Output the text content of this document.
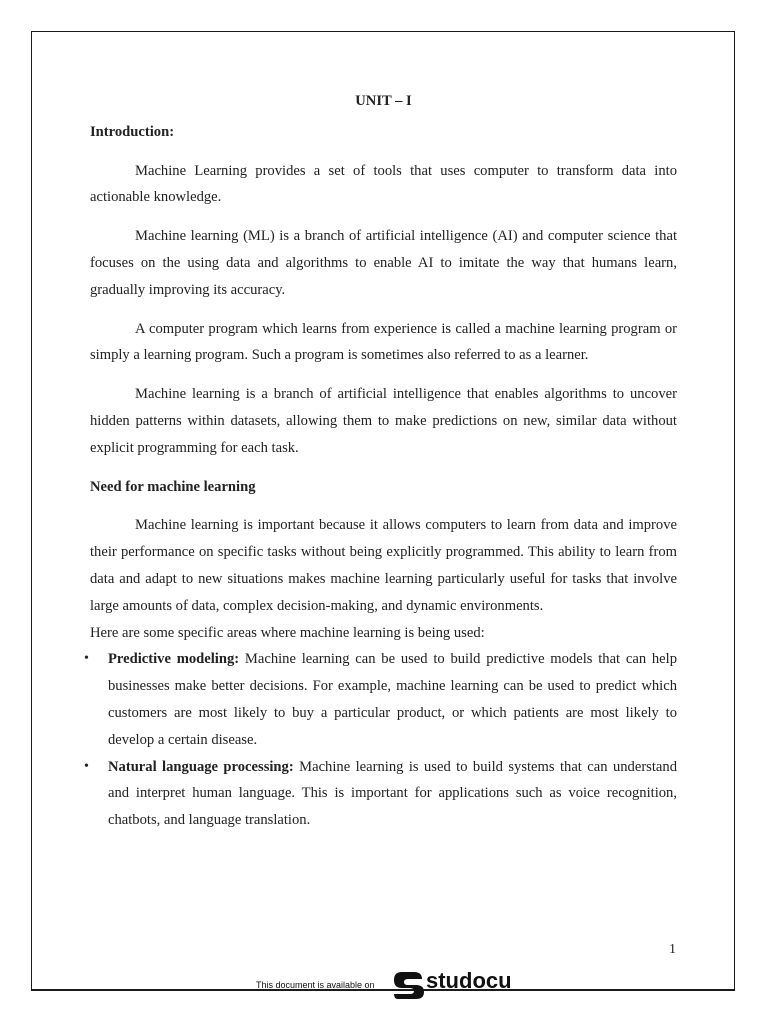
UNIT – I

Introduction:

Machine Learning provides a set of tools that uses computer to transform data into actionable knowledge.

Machine learning (ML) is a branch of artificial intelligence (AI) and computer science that focuses on the using data and algorithms to enable AI to imitate the way that humans learn, gradually improving its accuracy.

A computer program which learns from experience is called a machine learning program or simply a learning program. Such a program is sometimes also referred to as a learner.

Machine learning is a branch of artificial intelligence that enables algorithms to uncover hidden patterns within datasets, allowing them to make predictions on new, similar data without explicit programming for each task.

Need for machine learning

Machine learning is important because it allows computers to learn from data and improve their performance on specific tasks without being explicitly programmed. This ability to learn from data and adapt to new situations makes machine learning particularly useful for tasks that involve large amounts of data, complex decision-making, and dynamic environments.

Here are some specific areas where machine learning is being used:

• Predictive modeling: Machine learning can be used to build predictive models that can help businesses make better decisions. For example, machine learning can be used to predict which customers are most likely to buy a particular product, or which patients are most likely to develop a certain disease.
• Natural language processing: Machine learning is used to build systems that can understand and interpret human language. This is important for applications such as voice recognition, chatbots, and language translation.
1
This document is available on studocu
